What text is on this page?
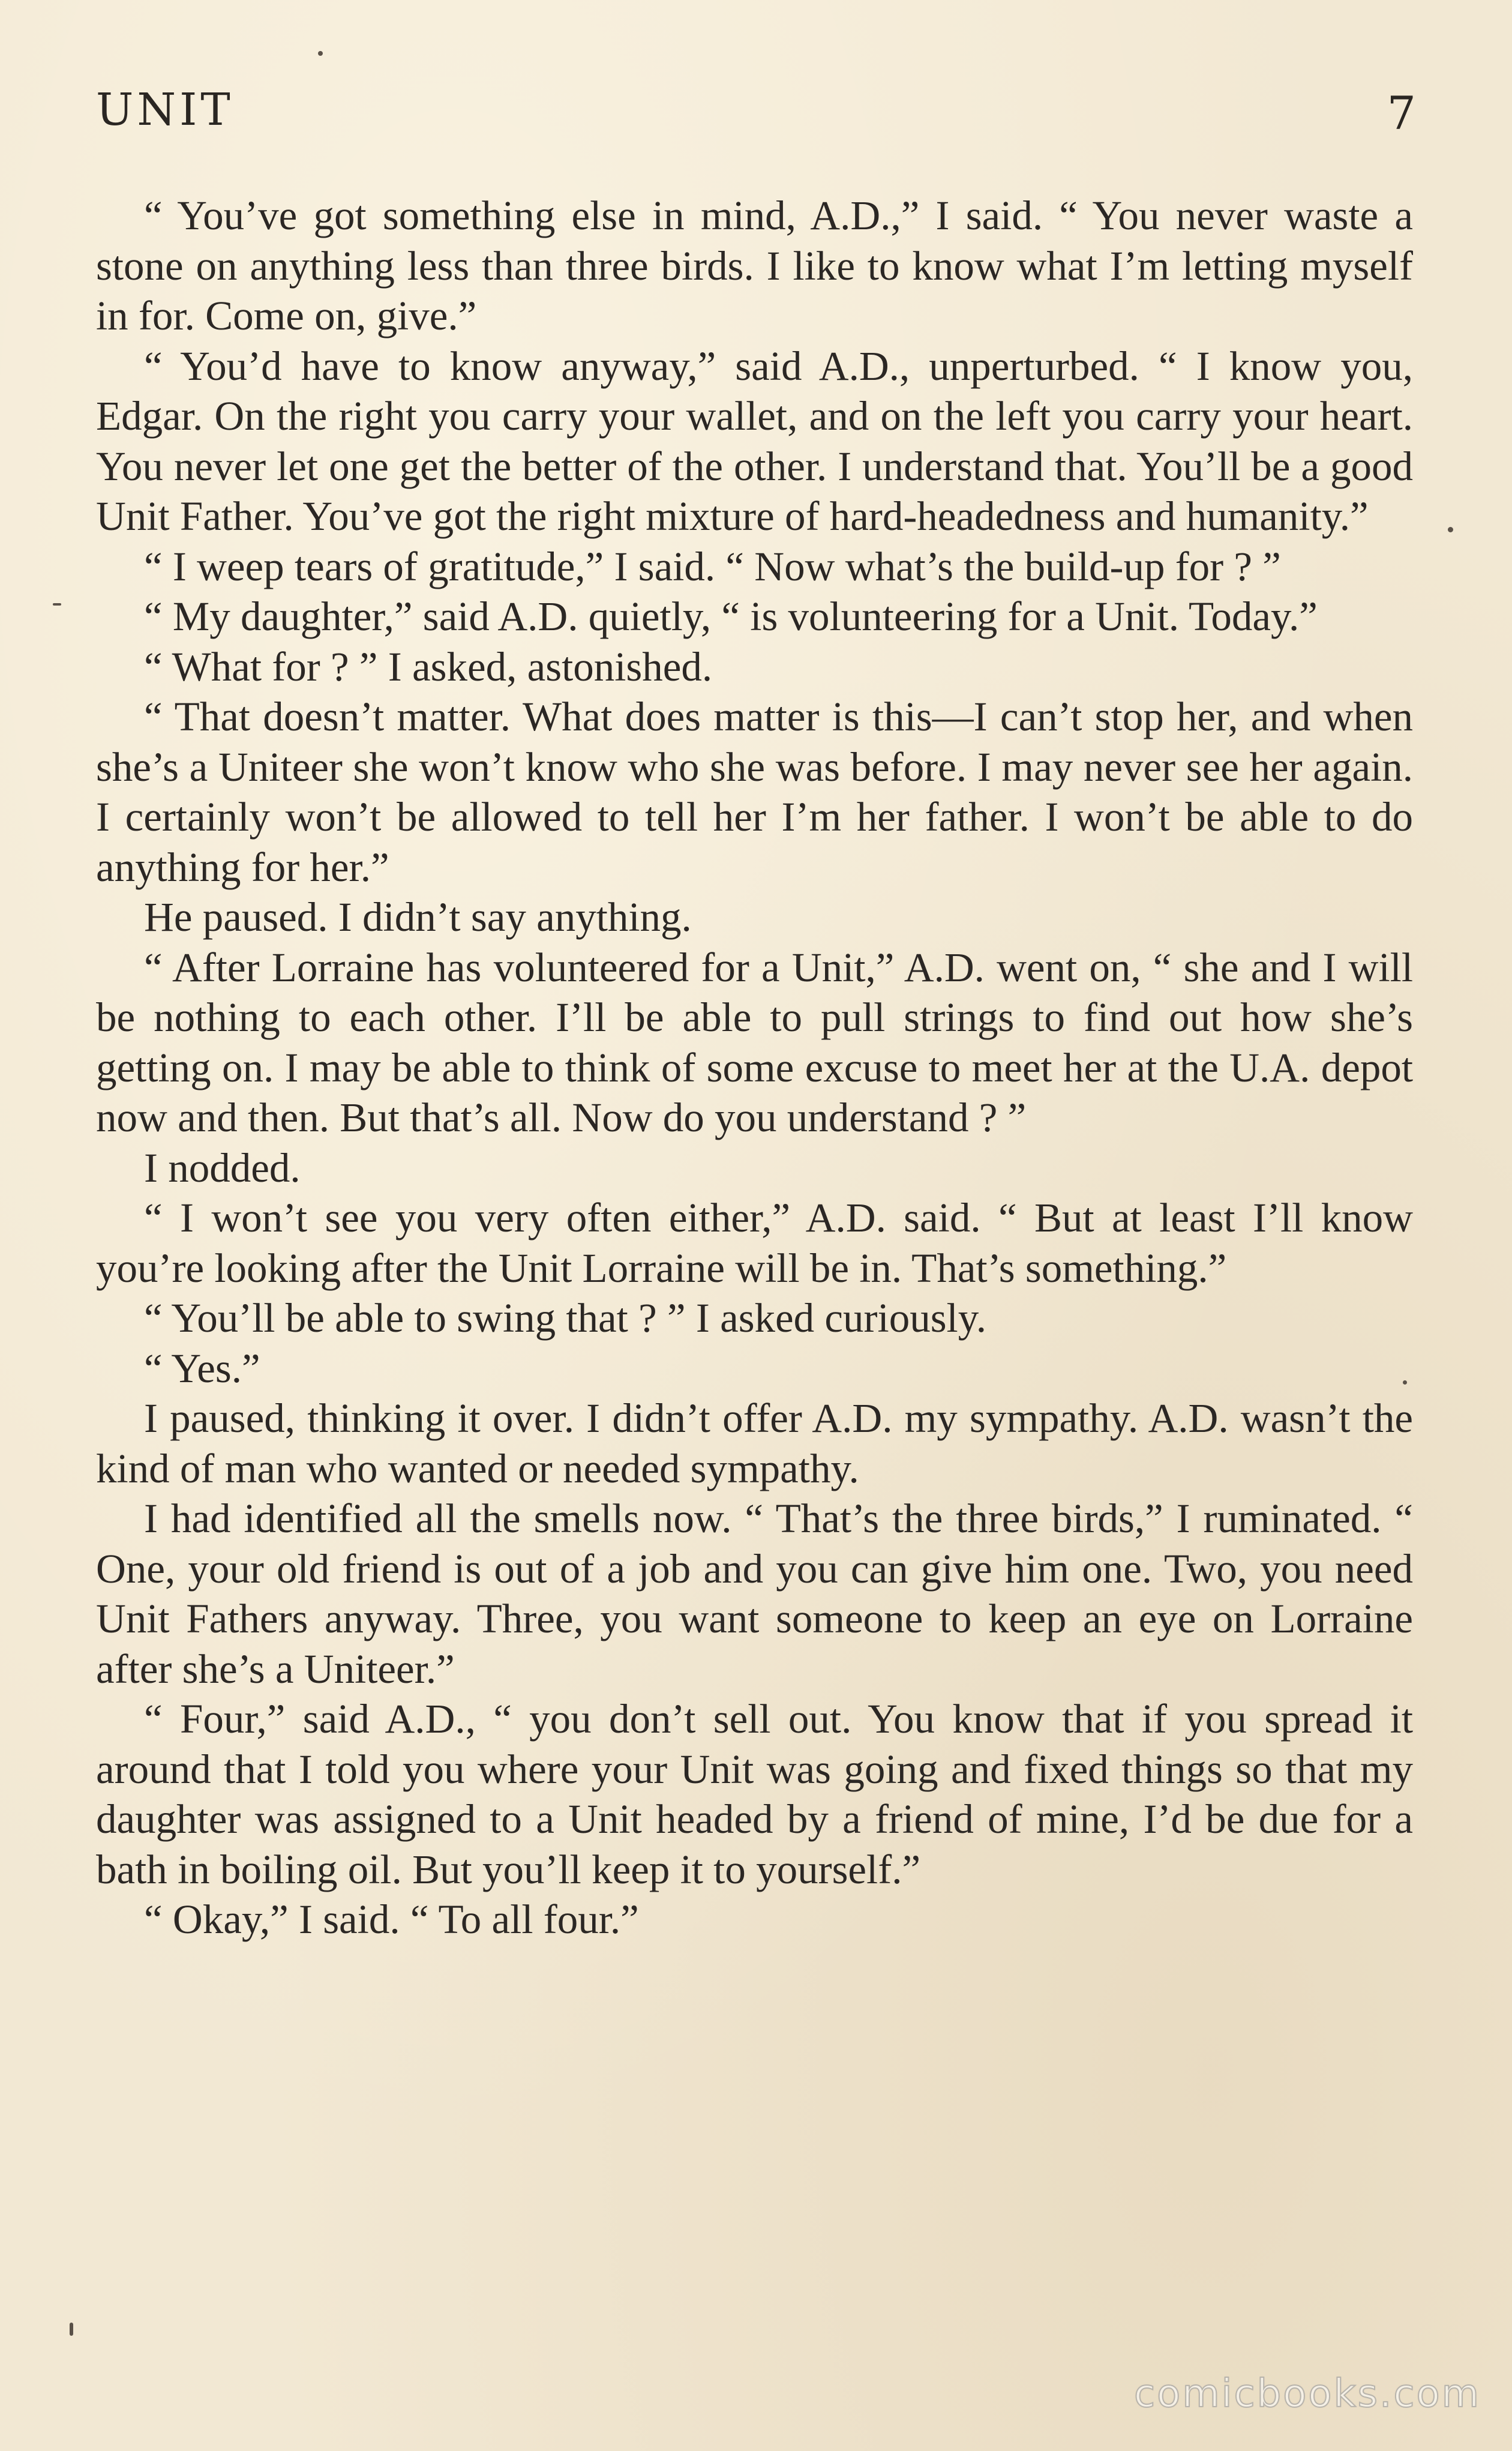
UNIT	7

“ You’ve got something else in mind, A.D.,” I said. “ You never waste a stone on anything less than three birds. I like to know what I’m letting myself in for. Come on, give.”

“ You’d have to know anyway,” said A.D., unperturbed. “ I know you, Edgar. On the right you carry your wallet, and on the left you carry your heart. You never let one get the better of the other. I understand that. You’ll be a good Unit Father. You’ve got the right mixture of hard-headedness and humanity.”

“ I weep tears of gratitude,” I said. “ Now what’s the build-up for ? ”

“ My daughter,” said A.D. quietly, “ is volunteering for a Unit. Today.”

“ What for ? ” I asked, astonished.

“ That doesn’t matter. What does matter is this—I can’t stop her, and when she’s a Uniteer she won’t know who she was before. I may never see her again. I certainly won’t be allowed to tell her I’m her father. I won’t be able to do anything for her.”

He paused. I didn’t say anything.

“ After Lorraine has volunteered for a Unit,” A.D. went on, “ she and I will be nothing to each other. I’ll be able to pull strings to find out how she’s getting on. I may be able to think of some excuse to meet her at the U.A. depot now and then. But that’s all. Now do you understand ? ”

I nodded.

“ I won’t see you very often either,” A.D. said. “ But at least I’ll know you’re looking after the Unit Lorraine will be in. That’s something.”

“ You’ll be able to swing that ? ” I asked curiously.

“ Yes.”

I paused, thinking it over. I didn’t offer A.D. my sympathy. A.D. wasn’t the kind of man who wanted or needed sympathy.

I had identified all the smells now. “ That’s the three birds,” I ruminated. “ One, your old friend is out of a job and you can give him one. Two, you need Unit Fathers anyway. Three, you want someone to keep an eye on Lorraine after she’s a Uniteer.”

“ Four,” said A.D., “ you don’t sell out. You know that if you spread it around that I told you where your Unit was going and fixed things so that my daughter was assigned to a Unit headed by a friend of mine, I’d be due for a bath in boiling oil. But you’ll keep it to yourself.”

“ Okay,” I said. “ To all four.”

comicbooks.com
